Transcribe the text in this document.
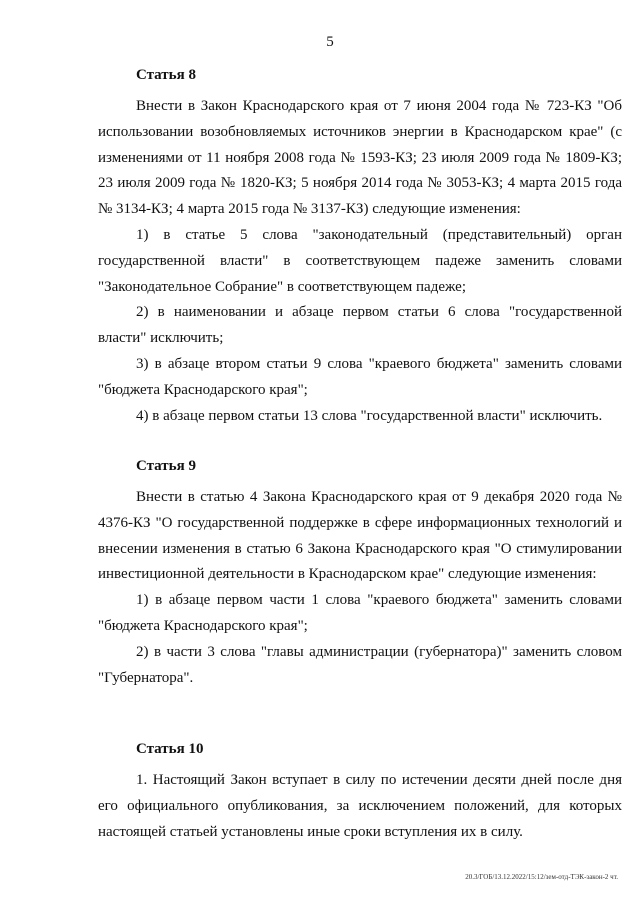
5
Статья 8

Внести в Закон Краснодарского края от 7 июня 2004 года № 723-КЗ "Об использовании возобновляемых источников энергии в Краснодарском крае" (с изменениями от 11 ноября 2008 года № 1593-КЗ; 23 июля 2009 года № 1809-КЗ; 23 июля 2009 года № 1820-КЗ; 5 ноября 2014 года № 3053-КЗ; 4 марта 2015 года № 3134-КЗ; 4 марта 2015 года № 3137-КЗ) следующие изменения:

1) в статье 5 слова "законодательный (представительный) орган государственной власти" в соответствующем падеже заменить словами "Законодательное Собрание" в соответствующем падеже;

2) в наименовании и абзаце первом статьи 6 слова "государственной власти" исключить;

3) в абзаце втором статьи 9 слова "краевого бюджета" заменить словами "бюджета Краснодарского края";

4) в абзаце первом статьи 13 слова "государственной власти" исключить.

Статья 9

Внести в статью 4 Закона Краснодарского края от 9 декабря 2020 года № 4376-КЗ "О государственной поддержке в сфере информационных технологий и внесении изменения в статью 6 Закона Краснодарского края "О стимулировании инвестиционной деятельности в Краснодарском крае" следующие изменения:

1) в абзаце первом части 1 слова "краевого бюджета" заменить словами "бюджета Краснодарского края";

2) в части 3 слова "главы администрации (губернатора)" заменить словом "Губернатора".

Статья 10

1. Настоящий Закон вступает в силу по истечении десяти дней после дня его официального опубликования, за исключением положений, для которых настоящей статьей установлены иные сроки вступления их в силу.

20.3/ГОБ/13.12.2022/15:12/зем-отд-ТЭК-закон-2 чт.
